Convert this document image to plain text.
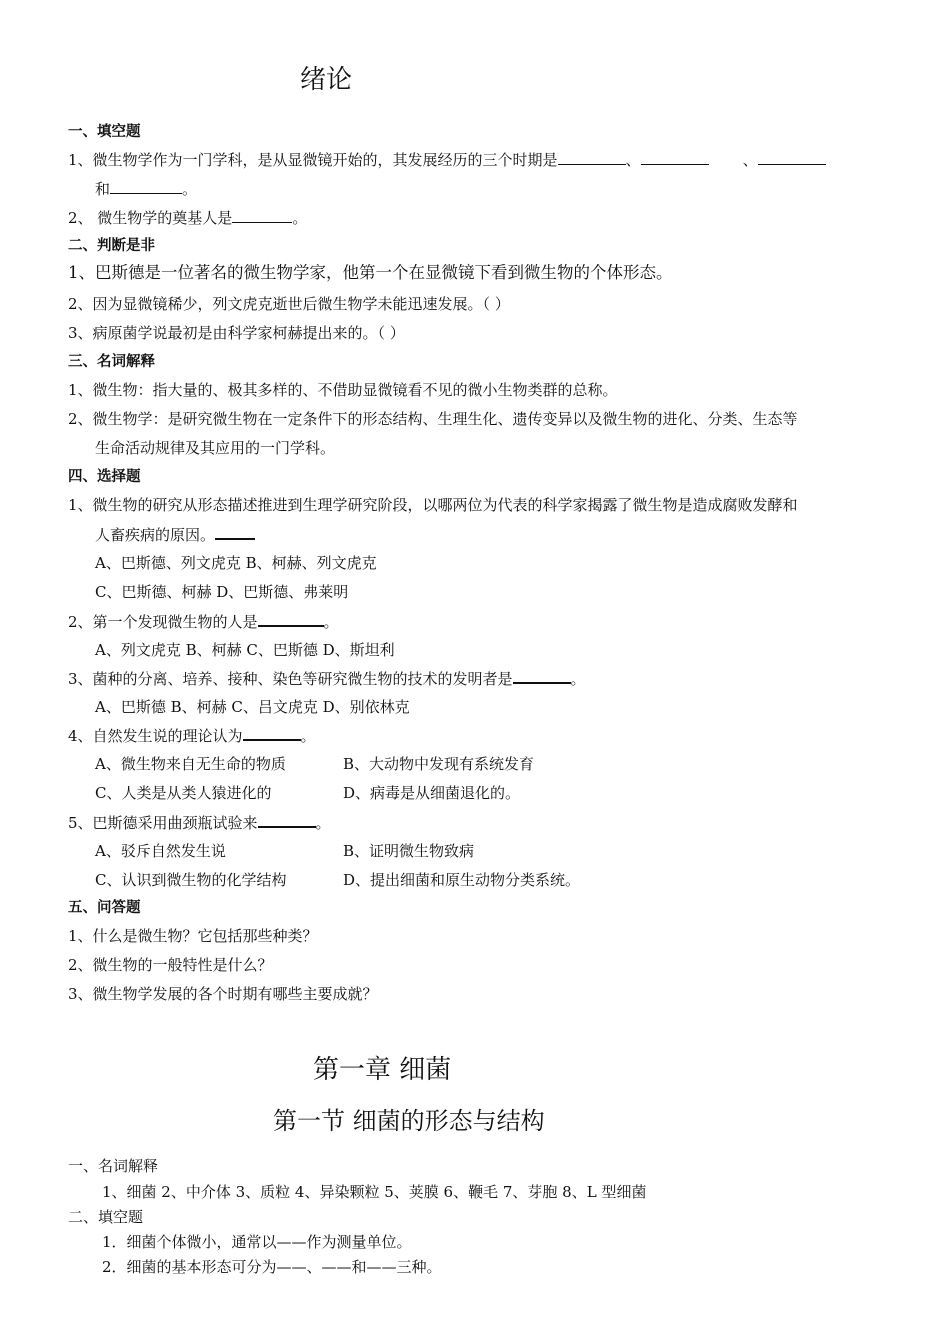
绪论
一、填空题
1、微生物学作为一门学科，是从显微镜开始的，其发展经历的三个时期是	、	、
和	。
2、 微生物学的奠基人是	。
二、判断是非
1、巴斯德是一位著名的微生物学家，他第一个在显微镜下看到微生物的个体形态。
2、因为显微镜稀少，列文虎克逝世后微生物学未能迅速发展。（ ）
3、病原菌学说最初是由科学家柯赫提出来的。（ ）
三、名词解释
1、微生物：指大量的、极其多样的、不借助显微镜看不见的微小生物类群的总称。
2、微生物学：是研究微生物在一定条件下的形态结构、生理生化、遗传变异以及微生物的进化、分类、生态等
生命活动规律及其应用的一门学科。
四、选择题
1、微生物的研究从形态描述推进到生理学研究阶段，以哪两位为代表的科学家揭露了微生物是造成腐败发酵和
人畜疾病的原因。
A、巴斯德、列文虎克 B、柯赫、列文虎克
C、巴斯德、柯赫 D、巴斯德、弗莱明
2、第一个发现微生物的人是	。
A、列文虎克 B、柯赫 C、巴斯德 D、斯坦利
3、菌种的分离、培养、接种、染色等研究微生物的技术的发明者是	。
A、巴斯德 B、柯赫 C、吕文虎克 D、别依林克
4、自然发生说的理论认为	。
A、微生物来自无生命的物质	B、大动物中发现有系统发育
C、人类是从类人猿进化的	D、病毒是从细菌退化的。
5、巴斯德采用曲颈瓶试验来	。
A、驳斥自然发生说	B、证明微生物致病
C、认识到微生物的化学结构	D、提出细菌和原生动物分类系统。
五、问答题
1、什么是微生物？它包括那些种类？
2、微生物的一般特性是什么？
3、微生物学发展的各个时期有哪些主要成就？
第一章 细菌
第一节 细菌的形态与结构
一、名词解释
1、细菌 2、中介体 3、质粒 4、异染颗粒 5、荚膜 6、鞭毛 7、芽胞 8、L 型细菌
二、填空题
1．细菌个体微小，通常以——作为测量单位。
2．细菌的基本形态可分为——、——和——三种。
